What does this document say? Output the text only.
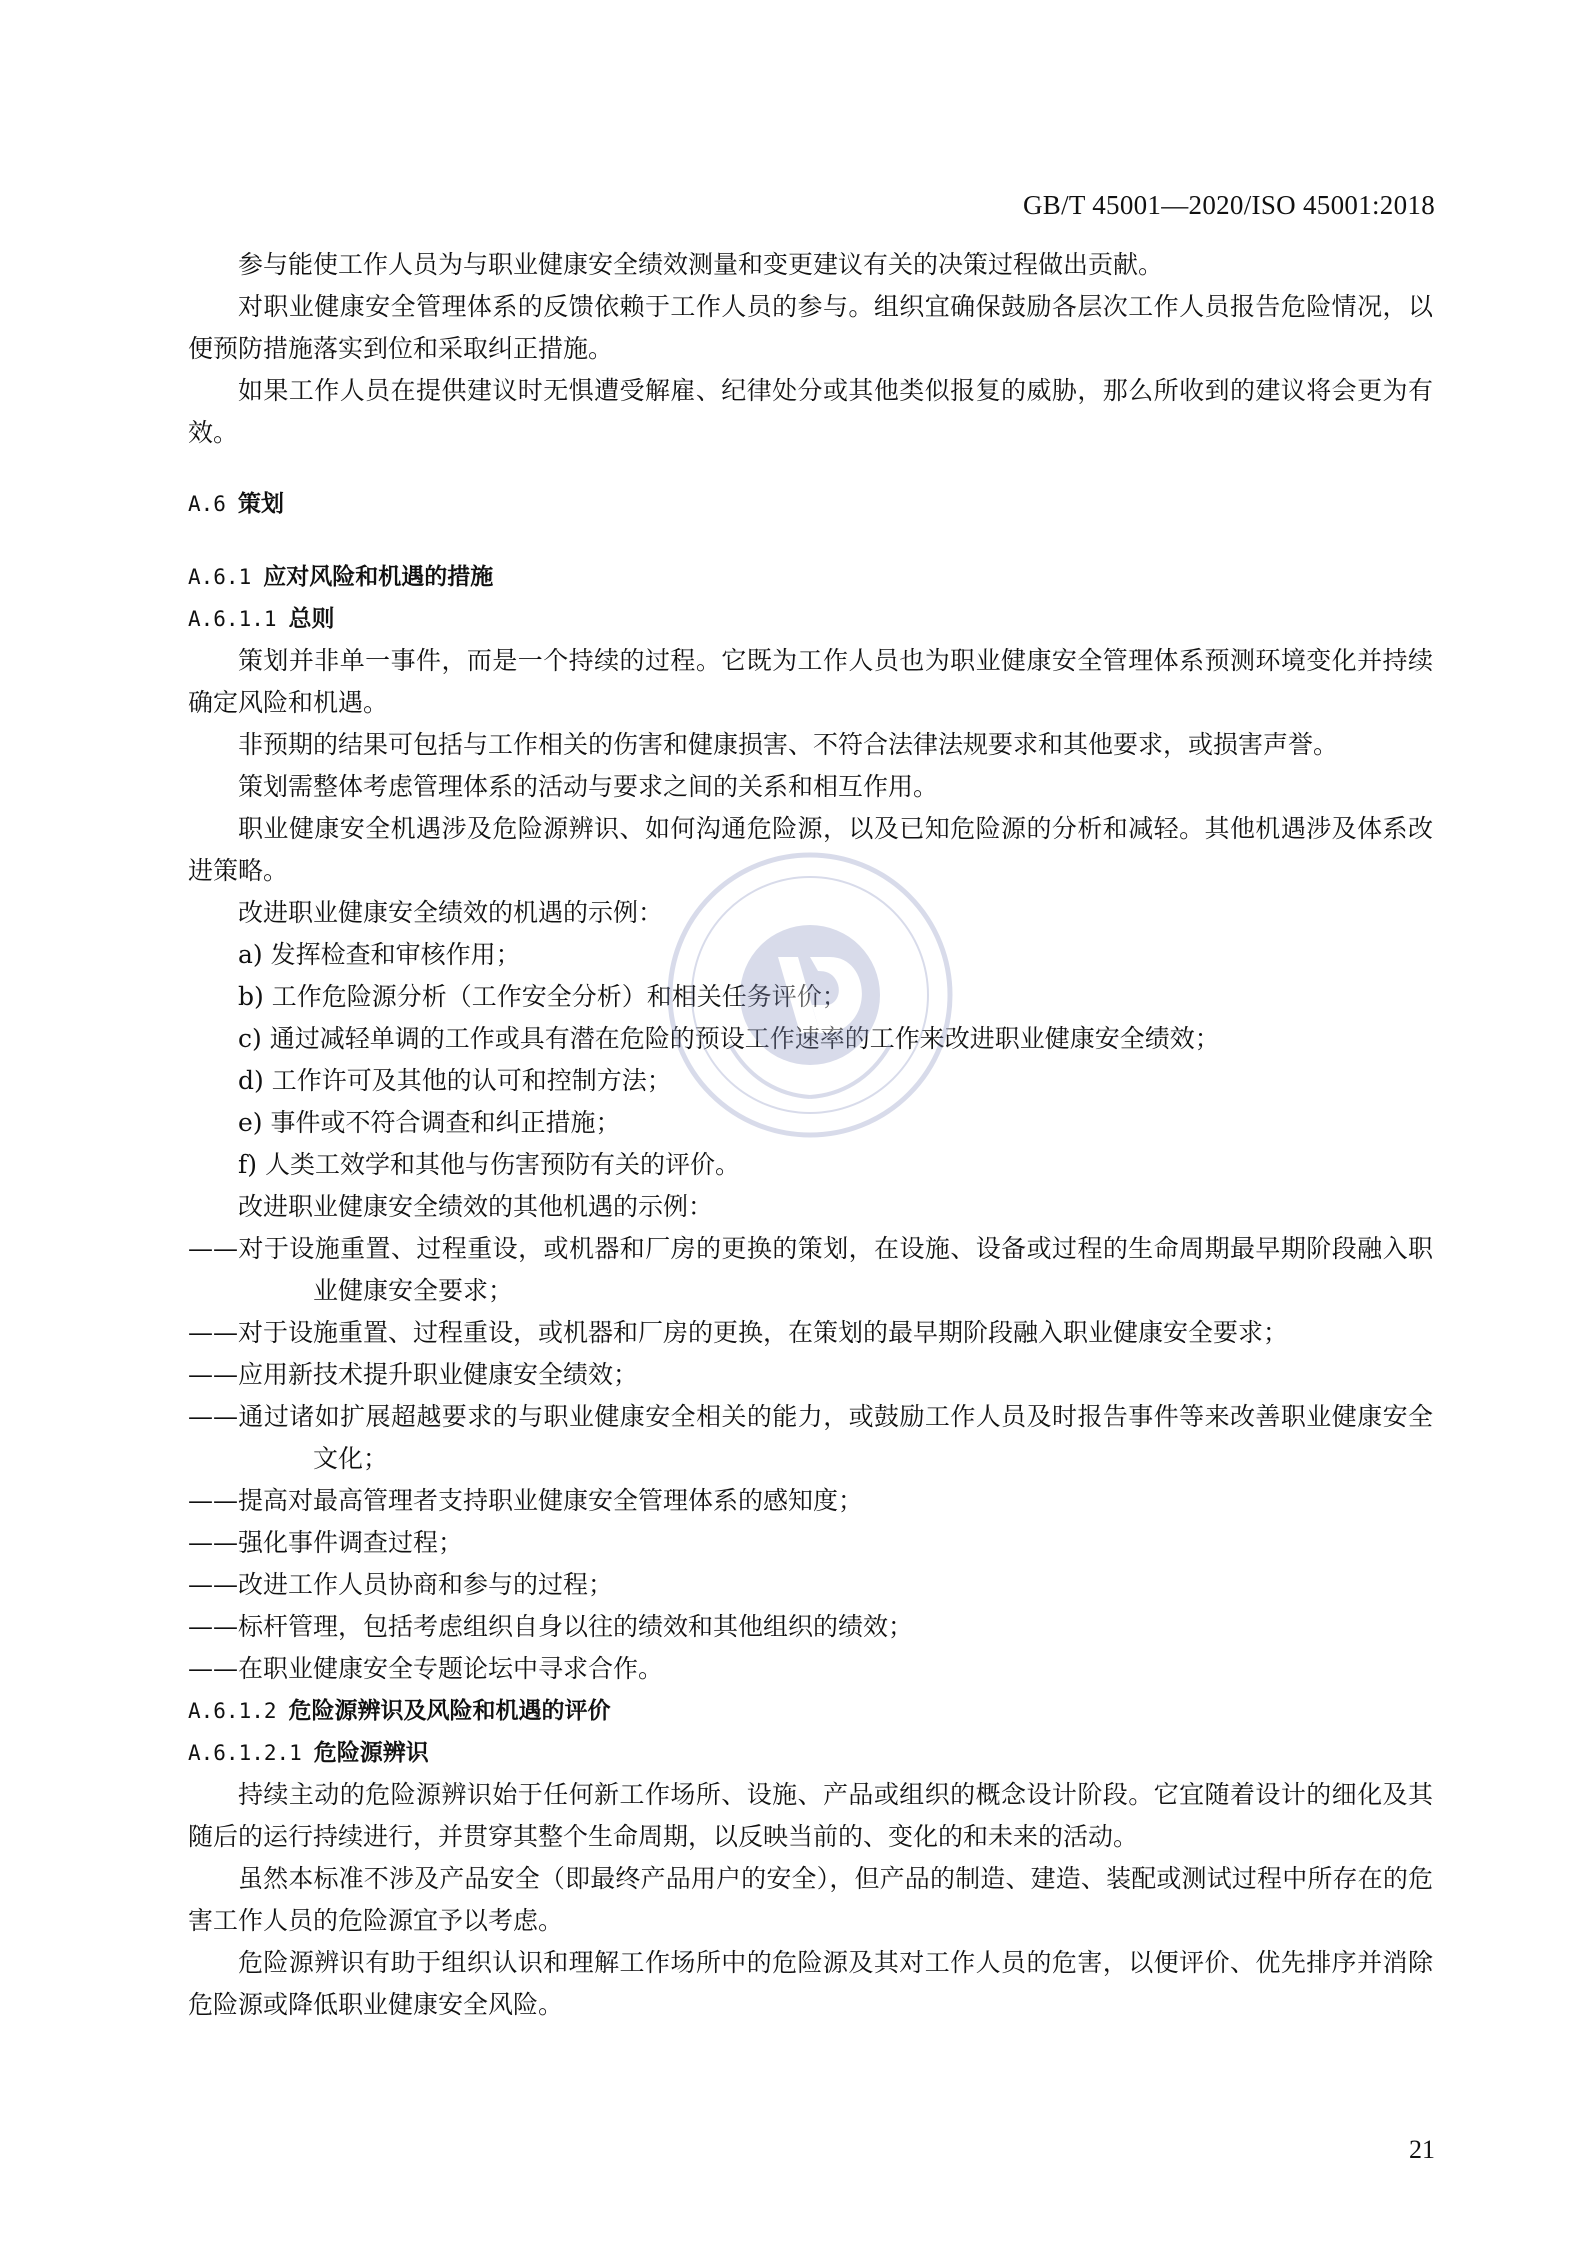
GB/T 45001—2020/ISO 45001:2018

参与能使工作人员为与职业健康安全绩效测量和变更建议有关的决策过程做出贡献。

对职业健康安全管理体系的反馈依赖于工作人员的参与。组织宜确保鼓励各层次工作人员报告危险情况，以便预防措施落实到位和采取纠正措施。

如果工作人员在提供建议时无惧遭受解雇、纪律处分或其他类似报复的威胁，那么所收到的建议将会更为有效。

A.6 策划

A.6.1 应对风险和机遇的措施

A.6.1.1 总则

策划并非单一事件，而是一个持续的过程。它既为工作人员也为职业健康安全管理体系预测环境变化并持续确定风险和机遇。

非预期的结果可包括与工作相关的伤害和健康损害、不符合法律法规要求和其他要求，或损害声誉。

策划需整体考虑管理体系的活动与要求之间的关系和相互作用。

职业健康安全机遇涉及危险源辨识、如何沟通危险源，以及已知危险源的分析和减轻。其他机遇涉及体系改进策略。

改进职业健康安全绩效的机遇的示例：

a) 发挥检查和审核作用；

b) 工作危险源分析（工作安全分析）和相关任务评价；

c) 通过减轻单调的工作或具有潜在危险的预设工作速率的工作来改进职业健康安全绩效；

d) 工作许可及其他的认可和控制方法；

e) 事件或不符合调查和纠正措施；

f) 人类工效学和其他与伤害预防有关的评价。

改进职业健康安全绩效的其他机遇的示例：

——对于设施重置、过程重设，或机器和厂房的更换的策划，在设施、设备或过程的生命周期最早期阶段融入职业健康安全要求；

——对于设施重置、过程重设，或机器和厂房的更换，在策划的最早期阶段融入职业健康安全要求；

——应用新技术提升职业健康安全绩效；

——通过诸如扩展超越要求的与职业健康安全相关的能力，或鼓励工作人员及时报告事件等来改善职业健康安全文化；

——提高对最高管理者支持职业健康安全管理体系的感知度；

——强化事件调查过程；

——改进工作人员协商和参与的过程；

——标杆管理，包括考虑组织自身以往的绩效和其他组织的绩效；

——在职业健康安全专题论坛中寻求合作。

A.6.1.2 危险源辨识及风险和机遇的评价

A.6.1.2.1 危险源辨识

持续主动的危险源辨识始于任何新工作场所、设施、产品或组织的概念设计阶段。它宜随着设计的细化及其随后的运行持续进行，并贯穿其整个生命周期，以反映当前的、变化的和未来的活动。

虽然本标准不涉及产品安全（即最终产品用户的安全），但产品的制造、建造、装配或测试过程中所存在的危害工作人员的危险源宜予以考虑。

危险源辨识有助于组织认识和理解工作场所中的危险源及其对工作人员的危害，以便评价、优先排序并消除危险源或降低职业健康安全风险。

21
